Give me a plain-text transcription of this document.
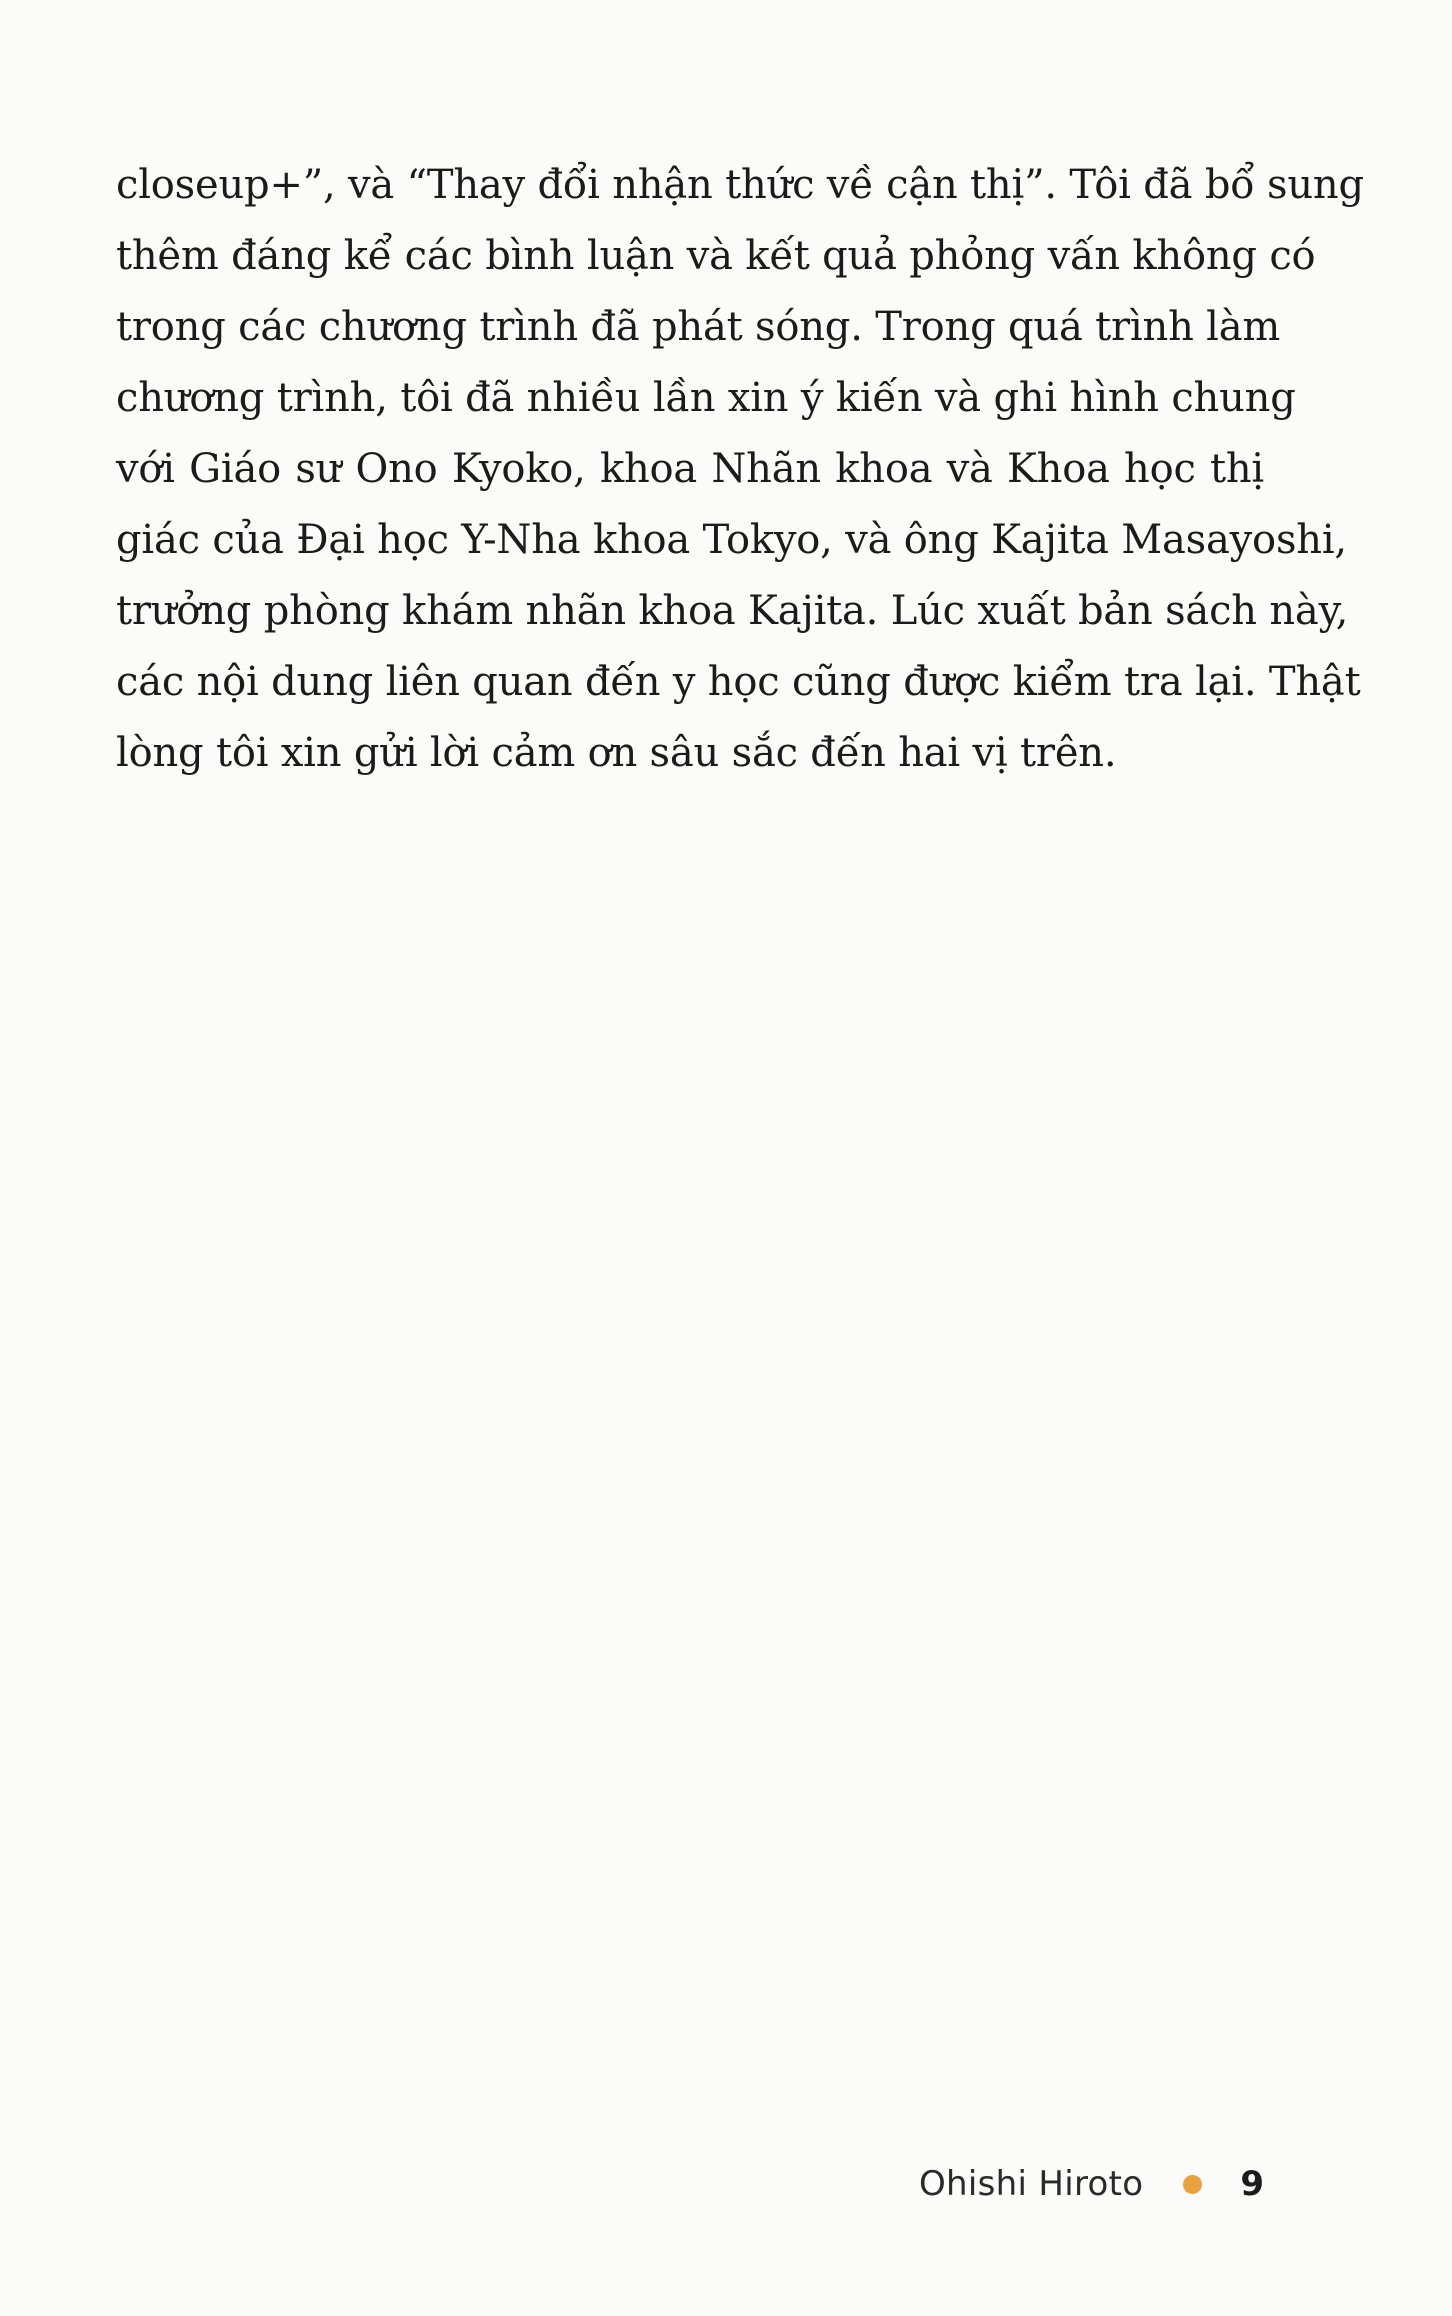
closeup+”, và “Thay đổi nhận thức về cận thị”. Tôi đã bổ sung
thêm đáng kể các bình luận và kết quả phỏng vấn không có
trong các chương trình đã phát sóng. Trong quá trình làm
chương trình, tôi đã nhiều lần xin ý kiến và ghi hình chung
với Giáo sư Ono Kyoko, khoa Nhãn khoa và Khoa học thị
giác của Đại học Y-Nha khoa Tokyo, và ông Kajita Masayoshi,
trưởng phòng khám nhãn khoa Kajita. Lúc xuất bản sách này,
các nội dung liên quan đến y học cũng được kiểm tra lại. Thật
lòng tôi xin gửi lời cảm ơn sâu sắc đến hai vị trên.
Ohishi Hiroto	9
